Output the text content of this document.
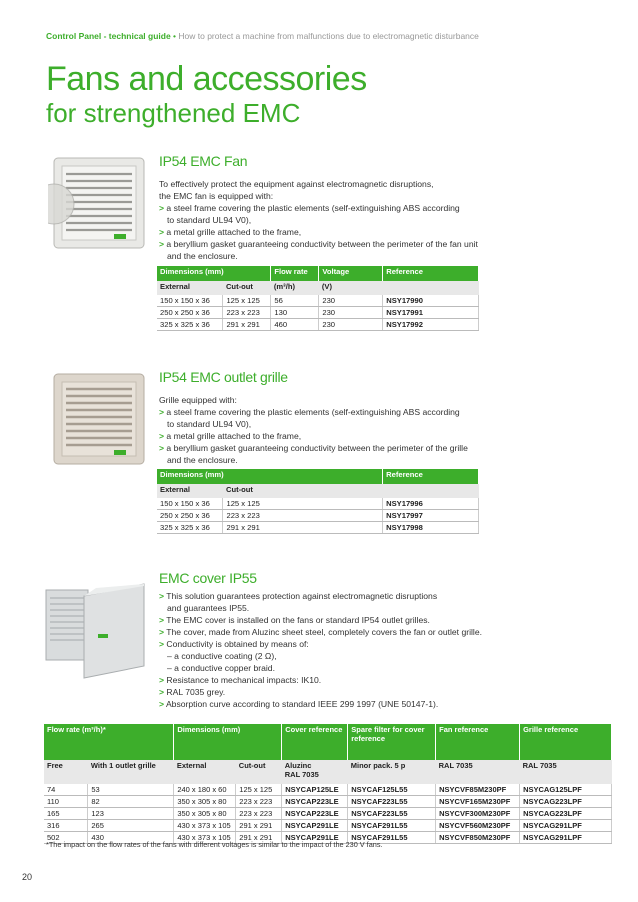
Control Panel - technical guide • How to protect a machine from malfunctions due to electromagnetic disturbance
Fans and accessories
for strengthened EMC
IP54 EMC Fan
To effectively protect the equipment against electromagnetic disruptions,
the EMC fan is equipped with:
> a steel frame covering the plastic elements (self-extinguishing ABS according
to standard UL94 V0),
> a metal grille attached to the frame,
> a beryllium gasket guaranteeing conductivity between the perimeter of the fan unit
and the enclosure.
Dimensions (mm)		Flow rate	Voltage	Reference
External	Cut-out	(m³/h)	(V)	
150 x 150 x 36	125 x 125	56	230	NSY17990
250 x 250 x 36	223 x 223	130	230	NSY17991
325 x 325 x 36	291 x 291	460	230	NSY17992
IP54 EMC outlet grille
Grille equipped with:
> a steel frame covering the plastic elements (self-extinguishing ABS according
to standard UL94 V0),
> a metal grille attached to the frame,
> a beryllium gasket guaranteeing conductivity between the perimeter of the grille
and the enclosure.
Dimensions (mm)		Reference
External	Cut-out	
150 x 150 x 36	125 x 125	NSY17996
250 x 250 x 36	223 x 223	NSY17997
325 x 325 x 36	291 x 291	NSY17998
EMC cover IP55
> This solution guarantees protection against electromagnetic disruptions
and guarantees IP55.
> The EMC cover is installed on the fans or standard IP54 outlet grilles.
> The cover, made from Aluzinc sheet steel, completely covers the fan or outlet grille.
> Conductivity is obtained by means of:
– a conductive coating (2 Ω),
– a conductive copper braid.
> Resistance to mechanical impacts: IK10.
> RAL 7035 grey.
> Absorption curve according to standard IEEE 299 1997 (UNE 50147-1).
Flow rate (m³/h)*		Dimensions (mm)		Cover reference	Spare filter for cover reference	Fan reference	Grille reference
Free	With 1 outlet grille	External	Cut-out	Aluzinc
RAL 7035	Minor pack. 5 p	RAL 7035	RAL 7035
74	53	240 x 180 x 60	125 x 125	NSYCAP125LE	NSYCAF125L55	NSYCVF85M230PF	NSYCAG125LPF
110	82	350 x 305 x 80	223 x 223	NSYCAP223LE	NSYCAF223L55	NSYCVF165M230PF	NSYCAG223LPF
165	123	350 x 305 x 80	223 x 223	NSYCAP223LE	NSYCAF223L55	NSYCVF300M230PF	NSYCAG223LPF
316	265	430 x 373 x 105	291 x 291	NSYCAP291LE	NSYCAF291L55	NSYCVF560M230PF	NSYCAG291LPF
502	430	430 x 373 x 105	291 x 291	NSYCAP291LE	NSYCAF291L55	NSYCVF850M230PF	NSYCAG291LPF
*The impact on the flow rates of the fans with different voltages is similar to the impact of the 230 V fans.
20
